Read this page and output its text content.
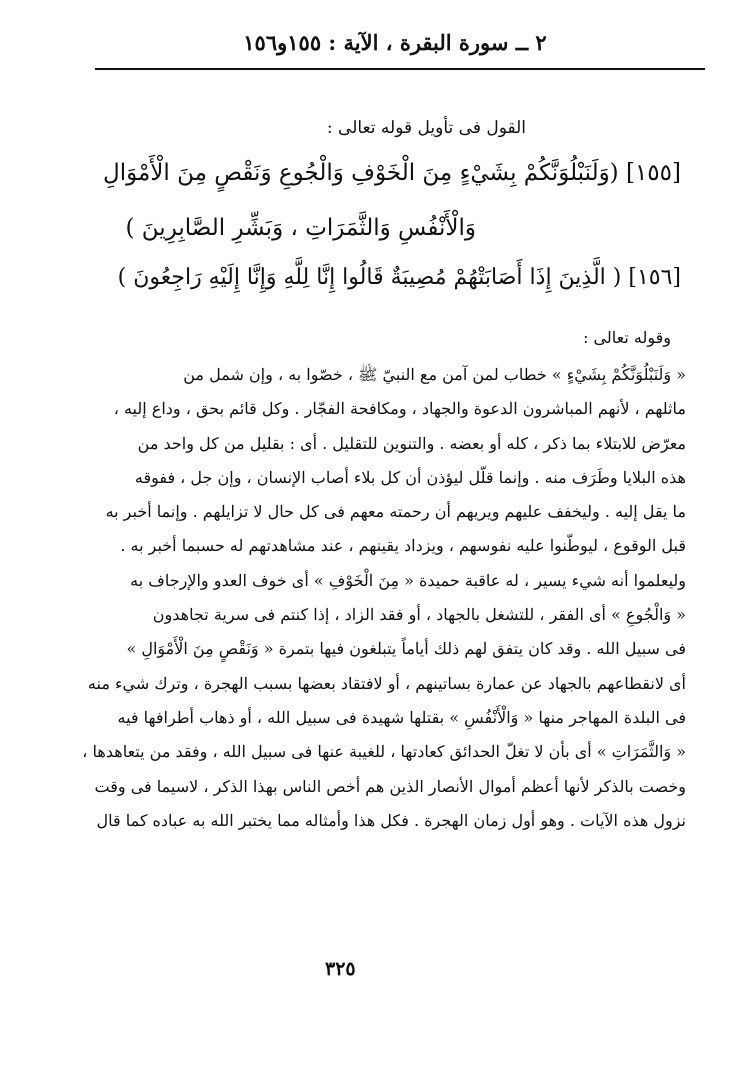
٢ ــ سورة البقرة ، الآية : ١٥٥و١٥٦
القول فى تأويل قوله تعالى :
[١٥٥] (وَلَنَبْلُوَنَّكُمْ بِشَيْءٍ مِنَ الْخَوْفِ وَالْجُوعِ وَنَقْصٍ مِنَ الْأَمْوَالِ
وَالْأَنْفُسِ وَالثَّمَرَاتِ ، وَبَشِّرِ الصَّابِرِينَ )
[١٥٦] ( الَّذِينَ إِذَا أَصَابَتْهُمْ مُصِيبَةٌ قَالُوا إِنَّا لِلَّهِ وَإِنَّا إِلَيْهِ رَاجِعُونَ )
وقوله تعالى :
« وَلَنَبْلُوَنَّكُمْ بِشَيْءٍ » خطاب لمن آمن مع النبيّ ﷺ ، خصّوا به ، وإن شمل من
ماثلهم ، لأنهم المباشرون الدعوة والجهاد ، ومكافحة الفجّار . وكل قائم بحق ، وداع إليه ،
معرّض للابتلاء بما ذكر ، كله أو بعضه . والتنوين للتقليل . أى : بقليل من كل واحد من
هذه البلايا وطَرَف منه . وإنما قلّل ليؤذن أن كل بلاء أصاب الإنسان ، وإن جل ، ففوقه
ما يقل إليه . وليخفف عليهم ويريهم أن رحمته معهم فى كل حال لا تزايلهم . وإنما أخبر به
قبل الوقوع ، ليوطّنوا عليه نفوسهم ، ويزداد يقينهم ، عند مشاهدتهم له حسبما أخبر به .
وليعلموا أنه شيء يسير ، له عاقبة حميدة « مِنَ الْخَوْفِ » أى خوف العدو والإرجاف به
« وَالْجُوعِ » أى الفقر ، للتشغل بالجهاد ، أو فقد الزاد ، إذا كنتم فى سرية تجاهدون
فى سبيل الله . وقد كان يتفق لهم ذلك أياماً يتبلغون فيها بتمرة « وَنَقْصٍ مِنَ الْأَمْوَالِ »
أى لانقطاعهم بالجهاد عن عمارة بساتينهم ، أو لافتقاد بعضها بسبب الهجرة ، وترك شيء منه
فى البلدة المهاجر منها « وَالْأَنْفُسِ » بقتلها شهيدة فى سبيل الله ، أو ذهاب أطرافها فيه
« وَالثَّمَرَاتِ » أى بأن لا تغلّ الحدائق كعادتها ، للغيبة عنها فى سبيل الله ، وفقد من يتعاهدها ،
وخصت بالذكر لأنها أعظم أموال الأنصار الذين هم أخص الناس بهذا الذكر ، لاسيما فى وقت
نزول هذه الآيات . وهو أول زمان الهجرة . فكل هذا وأمثاله مما يختبر الله به عباده كما قال
٣٢٥
